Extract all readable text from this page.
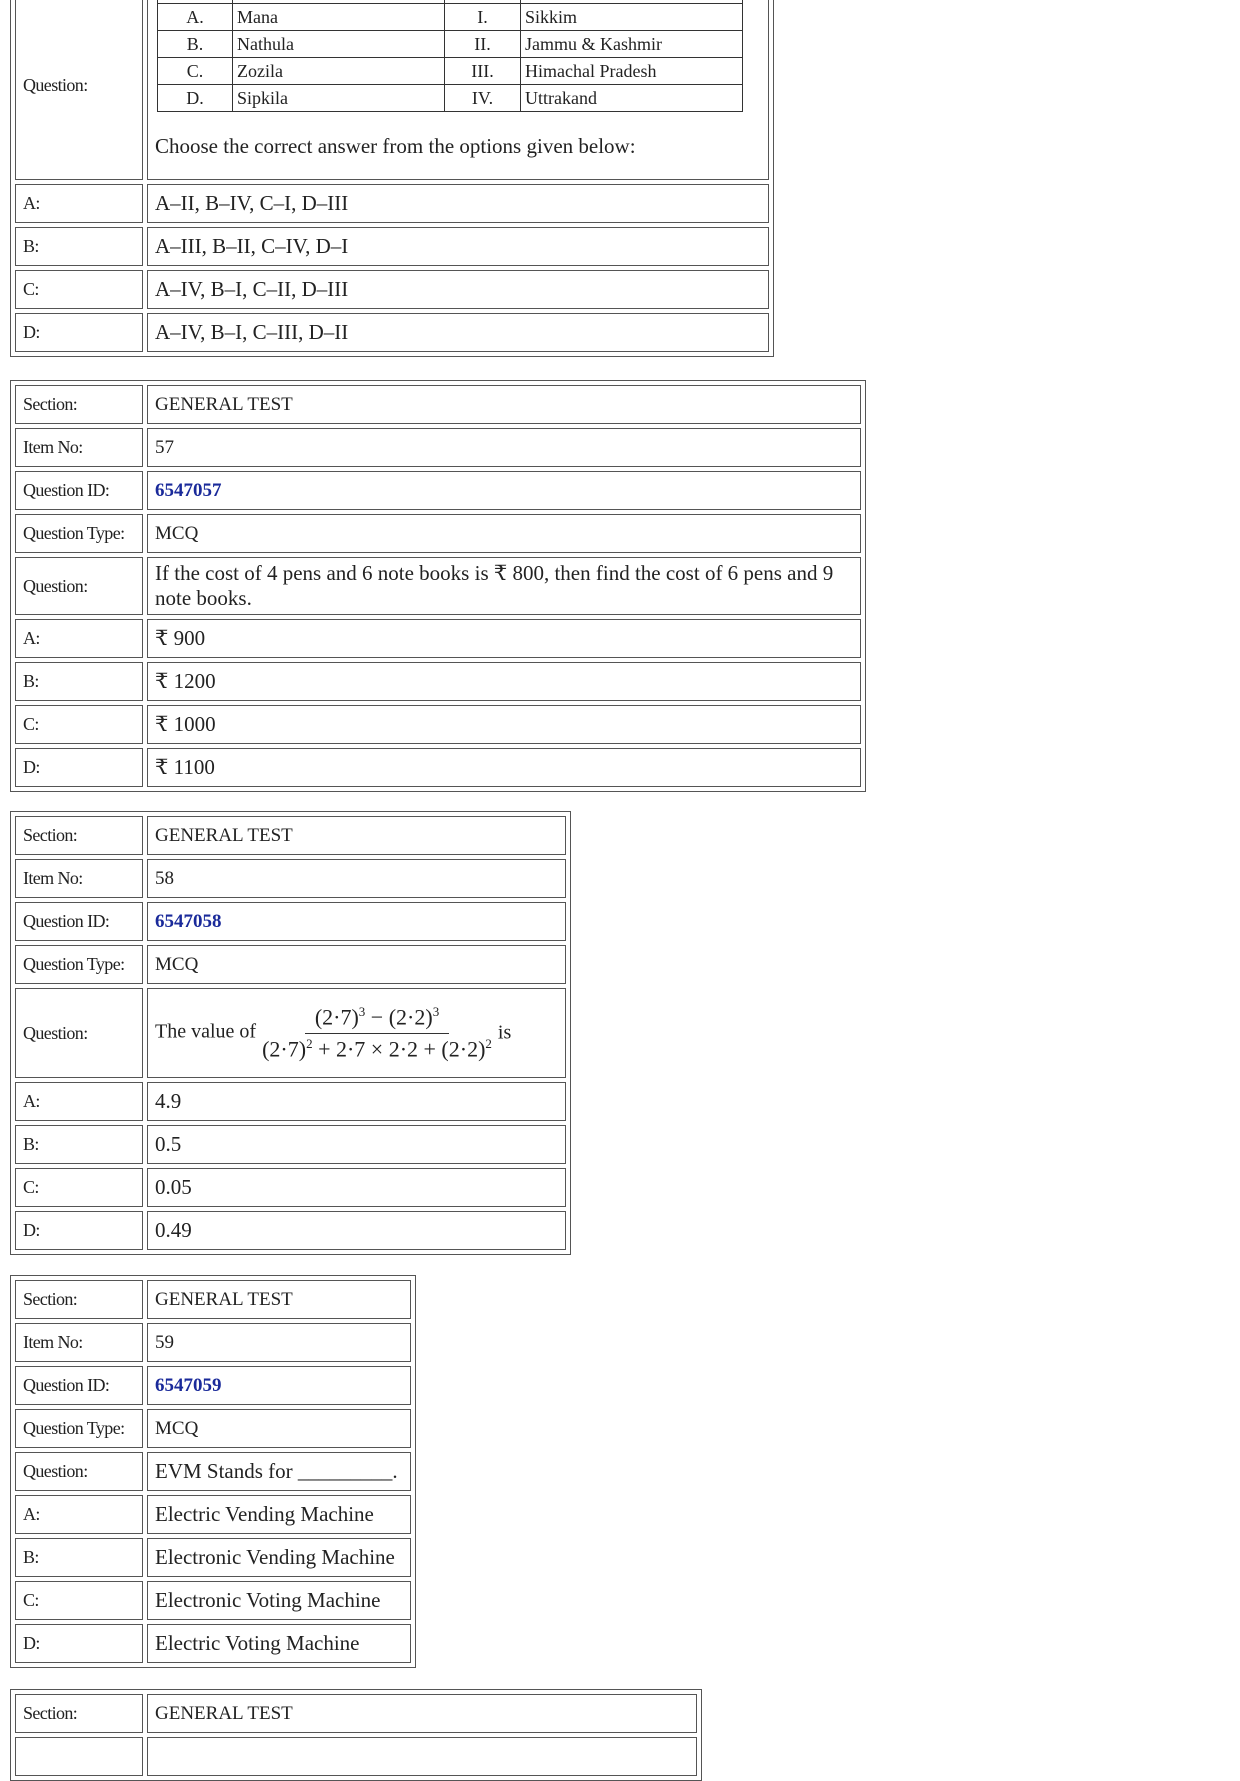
Question:	

A.	Mana	I.	Sikkim
B.	Nathula	II.	Jammu & Kashmir
C.	Zozila	III.	Himachal Pradesh
D.	Sipkila	IV.	Uttrakand
Choose the correct answer from the options given below:

A:	A–II, B–IV, C–I, D–III
B:	A–III, B–II, C–IV, D–I
C:	A–IV, B–I, C–II, D–III
D:	A–IV, B–I, C–III, D–II
Section:	GENERAL TEST
Item No:	57
Question ID:	6547057
Question Type:	MCQ
Question:	If the cost of 4 pens and 6 note books is ₹ 800, then find the cost of 6 pens and 9 note books.
A:	₹ 900
B:	₹ 1200
C:	₹ 1000
D:	₹ 1100
Section:	GENERAL TEST
Item No:	58
Question ID:	6547058
Question Type:	MCQ
Question:	The value of $\frac{(2\cdot 7)^3 - (2\cdot 2)^3}{(2\cdot 7)^2 + 2\cdot 7 \times 2\cdot 2 + (2\cdot 2)^2}$ is
A:	4.9
B:	0.5
C:	0.05
D:	0.49
Section:	GENERAL TEST
Item No:	59
Question ID:	6547059
Question Type:	MCQ
Question:	EVM Stands for _________.
A:	Electric Vending Machine
B:	Electronic Vending Machine
C:	Electronic Voting Machine
D:	Electric Voting Machine
Section:	GENERAL TEST
